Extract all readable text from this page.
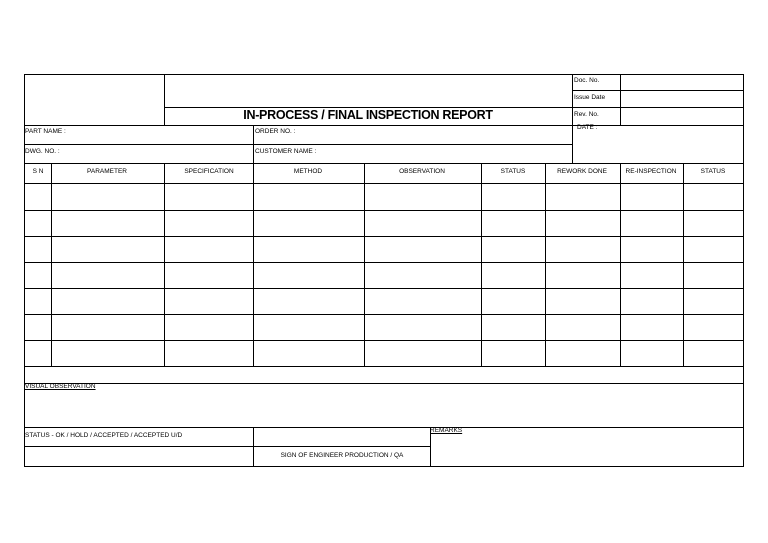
IN-PROCESS / FINAL INSPECTION REPORT
Doc. No.
Issue Date
Rev. No.
DATE :
PART NAME :	ORDER NO. :
DWG. NO. :	CUSTOMER NAME :
S N	PARAMETER	SPECIFICATION	METHOD	OBSERVATION	STATUS	REWORK DONE	RE-INSPECTION	STATUS
VISUAL OBSERVATION
STATUS - OK / HOLD / ACCEPTED / ACCEPTED U/D
REMARKS
SIGN OF ENGINEER PRODUCTION / QA
